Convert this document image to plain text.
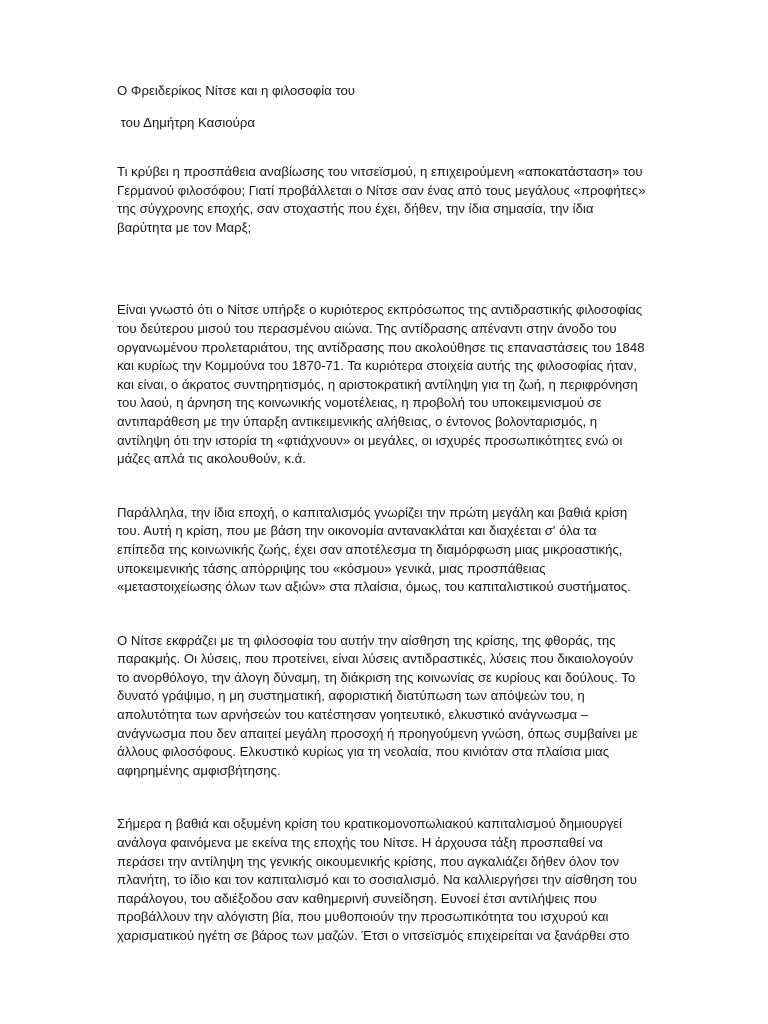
Ο Φρειδερίκος Νίτσε και η φιλοσοφία του

του Δημήτρη Κασιούρα

Τι κρύβει η προσπάθεια αναβίωσης του νιτσεϊσμού, η επιχειρούμενη «αποκατάσταση» του
Γερμανού φιλοσόφου; Γιατί προβάλλεται ο Νίτσε σαν ένας από τους μεγάλους «προφήτες»
της σύγχρονης εποχής, σαν στοχαστής που έχει, δήθεν, την ίδια σημασία, την ίδια
βαρύτητα με τον Μαρξ;
Είναι γνωστό ότι ο Νίτσε υπήρξε ο κυριότερος εκπρόσωπος της αντιδραστικής φιλοσοφίας
του δεύτερου μισού του περασμένου αιώνα. Της αντίδρασης απέναντι στην άνοδο του
οργανωμένου προλεταριάτου, της αντίδρασης που ακολούθησε τις επαναστάσεις του 1848
και κυρίως την Κομμούνα του 1870-71. Τα κυριότερα στοιχεία αυτής της φιλοσοφίας ήταν,
και είναι, ο άκρατος συντηρητισμός, η αριστοκρατική αντίληψη για τη ζωή, η περιφρόνηση
του λαού, η άρνηση της κοινωνικής νομοτέλειας, η προβολή του υποκειμενισμού σε
αντιπαράθεση με την ύπαρξη αντικειμενικής αλήθειας, ο έντονος βολονταρισμός, η
αντίληψη ότι την ιστορία τη «φτιάχνουν» οι μεγάλες, οι ισχυρές προσωπικότητες ενώ οι
μάζες απλά τις ακολουθούν, κ.ά.
Παράλληλα, την ίδια εποχή, ο καπιταλισμός γνωρίζει την πρώτη μεγάλη και βαθιά κρίση
του. Αυτή η κρίση, που με βάση την οικονομία αντανακλάται και διαχέεται σ' όλα τα
επίπεδα της κοινωνικής ζωής, έχει σαν αποτέλεσμα τη διαμόρφωση μιας μικροαστικής,
υποκειμενικής τάσης απόρριψης του «κόσμου» γενικά, μιας προσπάθειας
«μεταστοιχείωσης όλων των αξιών» στα πλαίσια, όμως, του καπιταλιστικού συστήματος.
Ο Νίτσε εκφράζει με τη φιλοσοφία του αυτήν την αίσθηση της κρίσης, της φθοράς, της
παρακμής. Οι λύσεις, που προτείνει, είναι λύσεις αντιδραστικές, λύσεις που δικαιολογούν
το ανορθόλογο, την άλογη δύναμη, τη διάκριση της κοινωνίας σε κυρίους και δούλους. Το
δυνατό γράψιμο, η μη συστηματική, αφοριστική διατύπωση των απόψεών του, η
απολυτότητα των αρνήσεών του κατέστησαν γοητευτικό, ελκυστικό ανάγνωσμα –
ανάγνωσμα που δεν απαιτεί μεγάλη προσοχή ή προηγούμενη γνώση, όπως συμβαίνει με
άλλους φιλοσόφους. Ελκυστικό κυρίως για τη νεολαία, που κινιόταν στα πλαίσια μιας
αφηρημένης αμφισβήτησης.
Σήμερα η βαθιά και οξυμένη κρίση του κρατικομονοπωλιακού καπιταλισμού δημιουργεί
ανάλογα φαινόμενα με εκείνα της εποχής του Νίτσε. Η άρχουσα τάξη προσπαθεί να
περάσει την αντίληψη της γενικής οικουμενικής κρίσης, που αγκαλιάζει δήθεν όλον τον
πλανήτη, το ίδιο και τον καπιταλισμό και το σοσιαλισμό. Να καλλιεργήσει την αίσθηση του
παράλογου, του αδιέξοδου σαν καθημερινή συνείδηση. Ευνοεί έτσι αντιλήψεις που
προβάλλουν την αλόγιστη βία, που μυθοποιούν την προσωπικότητα του ισχυρού και
χαρισματικού ηγέτη σε βάρος των μαζών. Έτσι ο νιτσεϊσμός επιχειρείται να ξανάρθει στο
